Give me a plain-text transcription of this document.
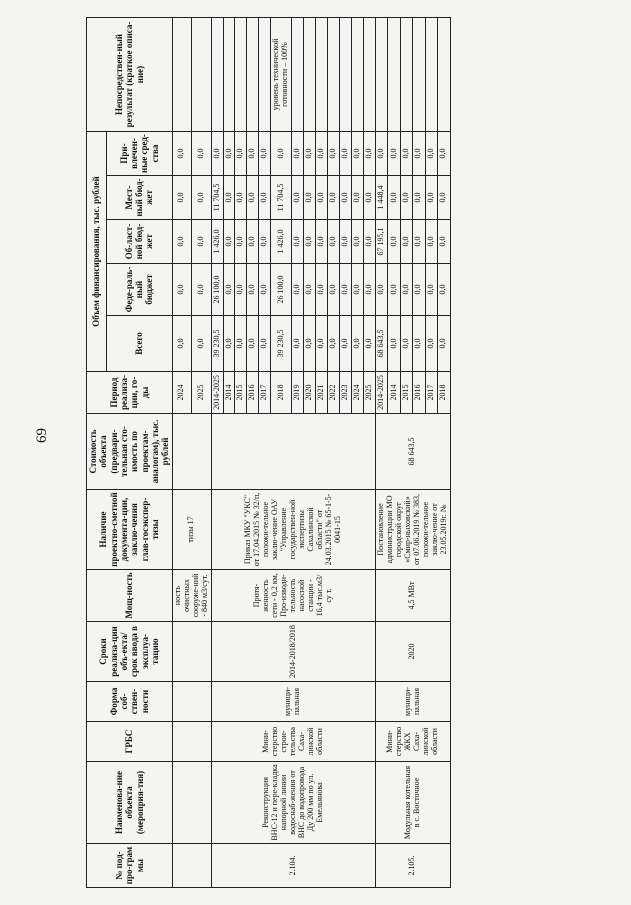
69
№ под-про-грам мы	Наименова-ние объекта (мероприя-тия)	ГРБС	Форма соб-ствен-ности	Сроки реализа-ции объ-екта/срок ввода в эксплуа-тацию	Мощ-ность	Наличие проектно-сметной документа-ции, заклю-чения глав-госэкспер-тизы	Стоимость объекта (предвари-тельная сто-имость по проектам-аналогам), тыс. рублей	Период реализа-ции, го-ды	Объем финансирования, тыс. рублей					Непосредствен-ный результат (краткое описа-ние)
									Всего	Феде-раль-ный бюджет	Об-ласт-ной бюд-жет	Мест-ный бюд-жет	При-влечен-ные сред-ства	
					ность очистных сооруже-ний - 840 м3/сут.	тизы 17		2024	0,0	0,0	0,0	0,0	0,0	
								2025	0,0	0,0	0,0	0,0	0,0	
2.104.	Реконструкция ВНС-12 и пере-кладка напорной линии водоснаб-жения от ВНС до водопровода Ду 200 мм по ул. Емельянова	Мини-стерство строи-тельства Саха-линской области	муници-пальная	2014-2018/2018	Протя-женность сети - 0,2 км, Про-изводи-тельность насосной станции - 16,4 тыс.м3/су т.	Приказ МКУ "УКС" от 17.04.2015 № 32/п, положи-тельное заклю-чение ОАУ "Управление государствен-ной экспертизы Сахалинской области" от 24.03.2015 № 65-1-5-0041-15		2014-2025	39 230,5	26 100,0	1 426,0	11 704,5	0,0	
								2014	0,0	0,0	0,0	0,0	0,0	
								2015	0,0	0,0	0,0	0,0	0,0	
								2016	0,0	0,0	0,0	0,0	0,0	
								2017	0,0	0,0	0,0	0,0	0,0	
								2018	39 230,5	26 100,0	1 426,0	11 704,5	0,0	уровень технической готовности – 100%
								2019	0,0	0,0	0,0	0,0	0,0	
								2020	0,0	0,0	0,0	0,0	0,0	
								2021	0,0	0,0	0,0	0,0	0,0	
								2022	0,0	0,0	0,0	0,0	0,0	
								2023	0,0	0,0	0,0	0,0	0,0	
								2024	0,0	0,0	0,0	0,0	0,0	
								2025	0,0	0,0	0,0	0,0	0,0	
2.105.	Модульная котельная в с. Восточное	Мини-стерство ЖКХ Саха-линской области	муници-пальная	2020	4,5 МВт	Постановление администрации МО городской округ «Смир-ныховский» от 07.06.2019 № 383, положи-тельное заклю-чение от 23.05.2019г. №	68 643,5	2014-2025	68 643,5	0,0	67 195,1	1 448,4	0,0	
								2014	0,0	0,0	0,0	0,0	0,0	
								2015	0,0	0,0	0,0	0,0	0,0	
								2016	0,0	0,0	0,0	0,0	0,0	
								2017	0,0	0,0	0,0	0,0	0,0	
								2018	0,0	0,0	0,0	0,0	0,0	
